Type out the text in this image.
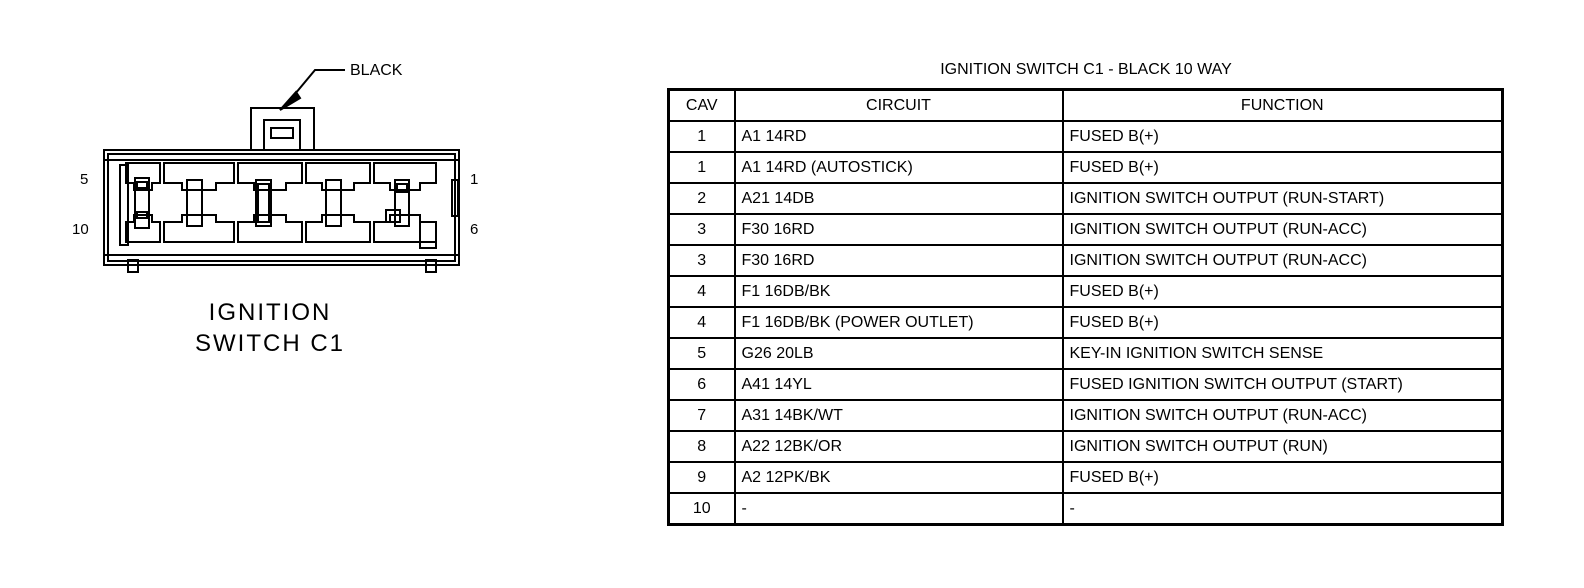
BLACK
5
10
1
6
IGNITION
SWITCH C1
IGNITION SWITCH C1 - BLACK 10 WAY
CAV	CIRCUIT	FUNCTION
1	A1 14RD	FUSED B(+)
1	A1 14RD (AUTOSTICK)	FUSED B(+)
2	A21 14DB	IGNITION SWITCH OUTPUT (RUN-START)
3	F30 16RD	IGNITION SWITCH OUTPUT (RUN-ACC)
3	F30 16RD	IGNITION SWITCH OUTPUT (RUN-ACC)
4	F1 16DB/BK	FUSED B(+)
4	F1 16DB/BK (POWER OUTLET)	FUSED B(+)
5	G26 20LB	KEY-IN IGNITION SWITCH SENSE
6	A41 14YL	FUSED IGNITION SWITCH OUTPUT (START)
7	A31 14BK/WT	IGNITION SWITCH OUTPUT (RUN-ACC)
8	A22 12BK/OR	IGNITION SWITCH OUTPUT (RUN)
9	A2 12PK/BK	FUSED B(+)
10	-	-
